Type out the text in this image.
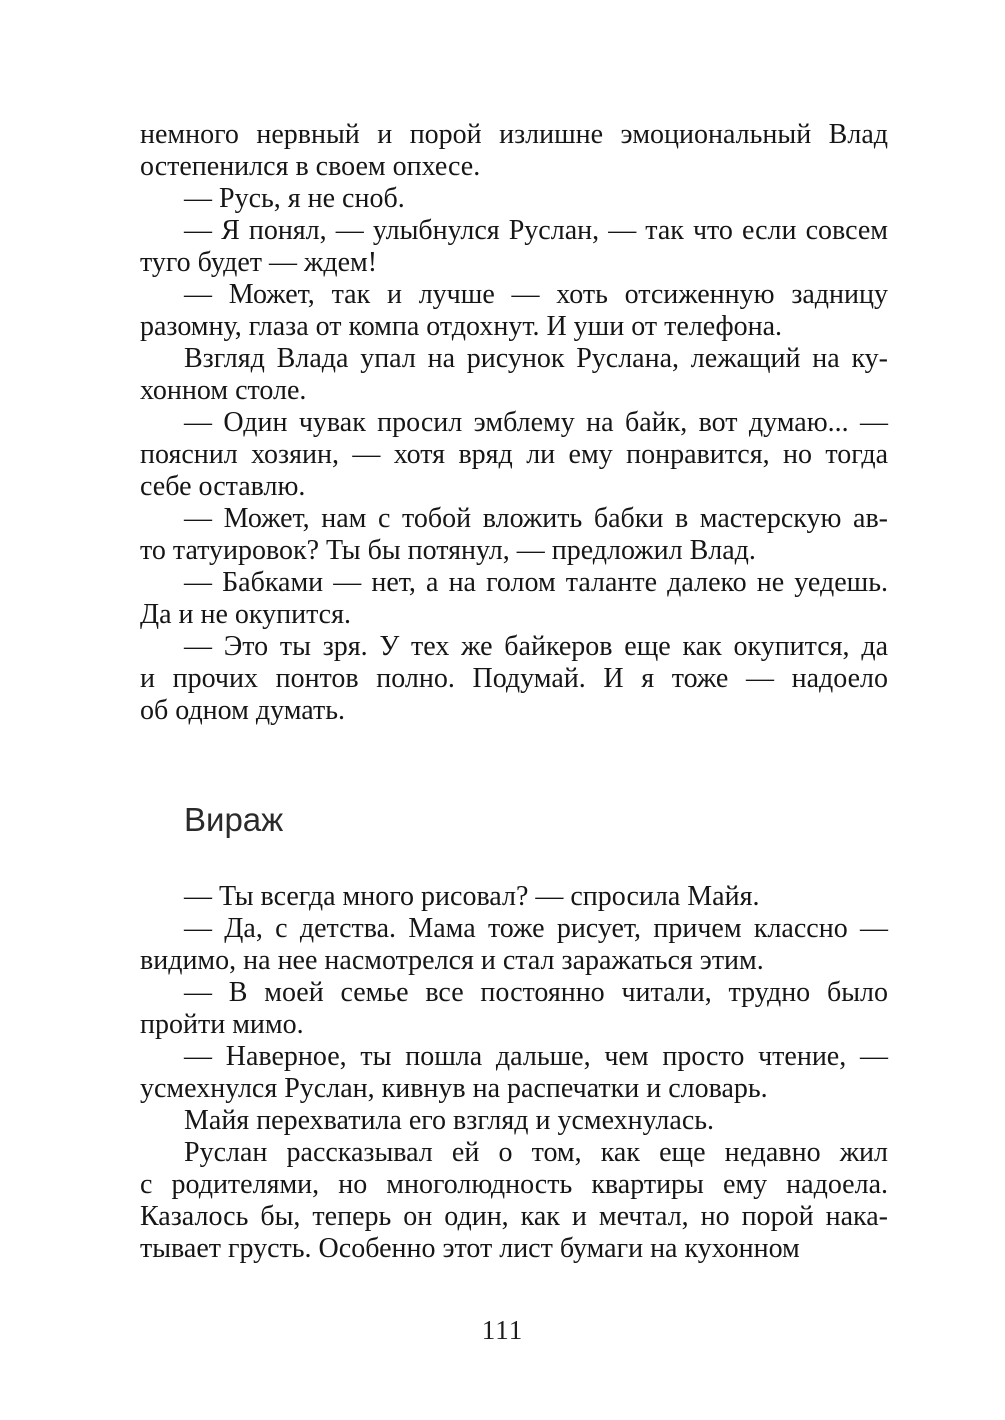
немного нервный и порой излишне эмоциональный Влад
остепенился в своем опхесе.
— Русь, я не сноб.
— Я понял, — улыбнулся Руслан, — так что если совсем
туго будет — ждем!
— Может, так и лучше — хоть отсиженную задницу
разомну, глаза от компа отдохнут. И уши от телефона.
Взгляд Влада упал на рисунок Руслана, лежащий на ку-
хонном столе.
— Один чувак просил эмблему на байк, вот думаю... —
пояснил хозяин, — хотя вряд ли ему понравится, но тогда
себе оставлю.
— Может, нам с тобой вложить бабки в мастерскую ав-
то татуировок? Ты бы потянул, — предложил Влад.
— Бабками — нет, а на голом таланте далеко не уедешь.
Да и не окупится.
— Это ты зря. У тех же байкеров еще как окупится, да
и прочих понтов полно. Подумай. И я тоже — надоело
об одном думать.
Вираж
— Ты всегда много рисовал? — спросила Майя.
— Да, с детства. Мама тоже рисует, причем классно —
видимо, на нее насмотрелся и стал заражаться этим.
— В моей семье все постоянно читали, трудно было
пройти мимо.
— Наверное, ты пошла дальше, чем просто чтение, —
усмехнулся Руслан, кивнув на распечатки и словарь.
Майя перехватила его взгляд и усмехнулась.
Руслан рассказывал ей о том, как еще недавно жил
с родителями, но многолюдность квартиры ему надоела.
Казалось бы, теперь он один, как и мечтал, но порой нака-
тывает грусть. Особенно этот лист бумаги на кухонном
111
